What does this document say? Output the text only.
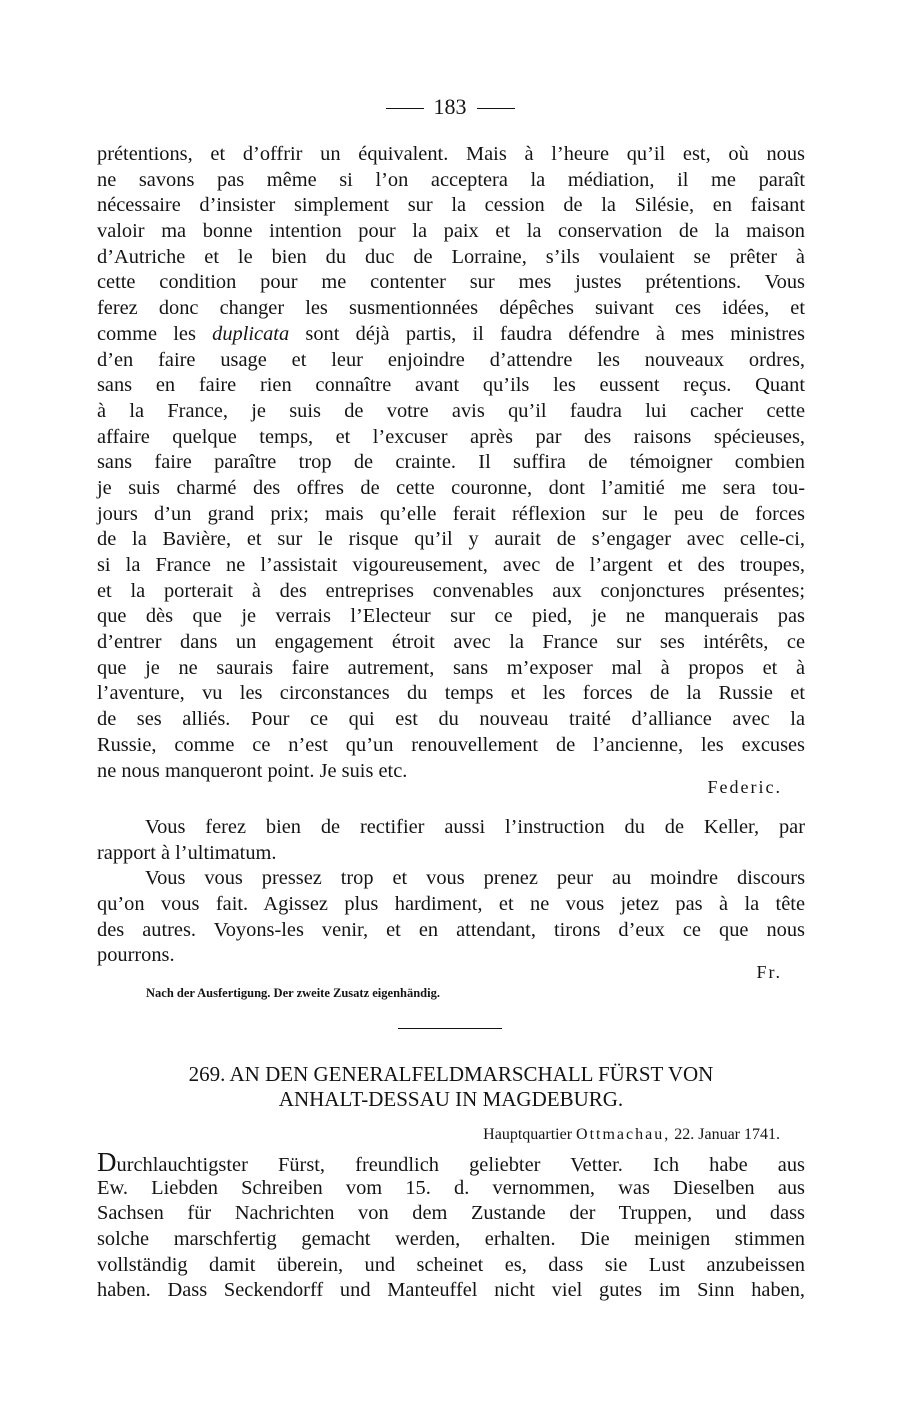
183
prétentions, et d’offrir un équivalent. Mais à l’heure qu’il est, où nous
ne savons pas même si l’on acceptera la médiation, il me paraît
nécessaire d’insister simplement sur la cession de la Silésie, en faisant
valoir ma bonne intention pour la paix et la conservation de la maison
d’Autriche et le bien du duc de Lorraine, s’ils voulaient se prêter à
cette condition pour me contenter sur mes justes prétentions. Vous
ferez donc changer les susmentionnées dépêches suivant ces idées, et
comme les duplicata sont déjà partis, il faudra défendre à mes ministres
d’en faire usage et leur enjoindre d’attendre les nouveaux ordres,
sans en faire rien connaître avant qu’ils les eussent reçus. Quant
à la France, je suis de votre avis qu’il faudra lui cacher cette
affaire quelque temps, et l’excuser après par des raisons spécieuses,
sans faire paraître trop de crainte. Il suffira de témoigner combien
je suis charmé des offres de cette couronne, dont l’amitié me sera tou-
jours d’un grand prix; mais qu’elle ferait réflexion sur le peu de forces
de la Bavière, et sur le risque qu’il y aurait de s’engager avec celle-ci,
si la France ne l’assistait vigoureusement, avec de l’argent et des troupes,
et la porterait à des entreprises convenables aux conjonctures présentes;
que dès que je verrais l’Electeur sur ce pied, je ne manquerais pas
d’entrer dans un engagement étroit avec la France sur ses intérêts, ce
que je ne saurais faire autrement, sans m’exposer mal à propos et à
l’aventure, vu les circonstances du temps et les forces de la Russie et
de ses alliés. Pour ce qui est du nouveau traité d’alliance avec la
Russie, comme ce n’est qu’un renouvellement de l’ancienne, les excuses
ne nous manqueront point. Je suis etc.
Federic.
Vous ferez bien de rectifier aussi l’instruction du de Keller, par
rapport à l’ultimatum.
Vous vous pressez trop et vous prenez peur au moindre discours
qu’on vous fait. Agissez plus hardiment, et ne vous jetez pas à la tête
des autres. Voyons-les venir, et en attendant, tirons d’eux ce que nous
pourrons.
Fr.
Nach der Ausfertigung. Der zweite Zusatz eigenhändig.
269. AN DEN GENERALFELDMARSCHALL FÜRST VON
ANHALT-DESSAU IN MAGDEBURG.
Hauptquartier Ottmachau, 22. Januar 1741.
Durchlauchtigster Fürst, freundlich geliebter Vetter. Ich habe aus
Ew. Liebden Schreiben vom 15. d. vernommen, was Dieselben aus
Sachsen für Nachrichten von dem Zustande der Truppen, und dass
solche marschfertig gemacht werden, erhalten. Die meinigen stimmen
vollständig damit überein, und scheinet es, dass sie Lust anzubeissen
haben. Dass Seckendorff und Manteuffel nicht viel gutes im Sinn haben,
